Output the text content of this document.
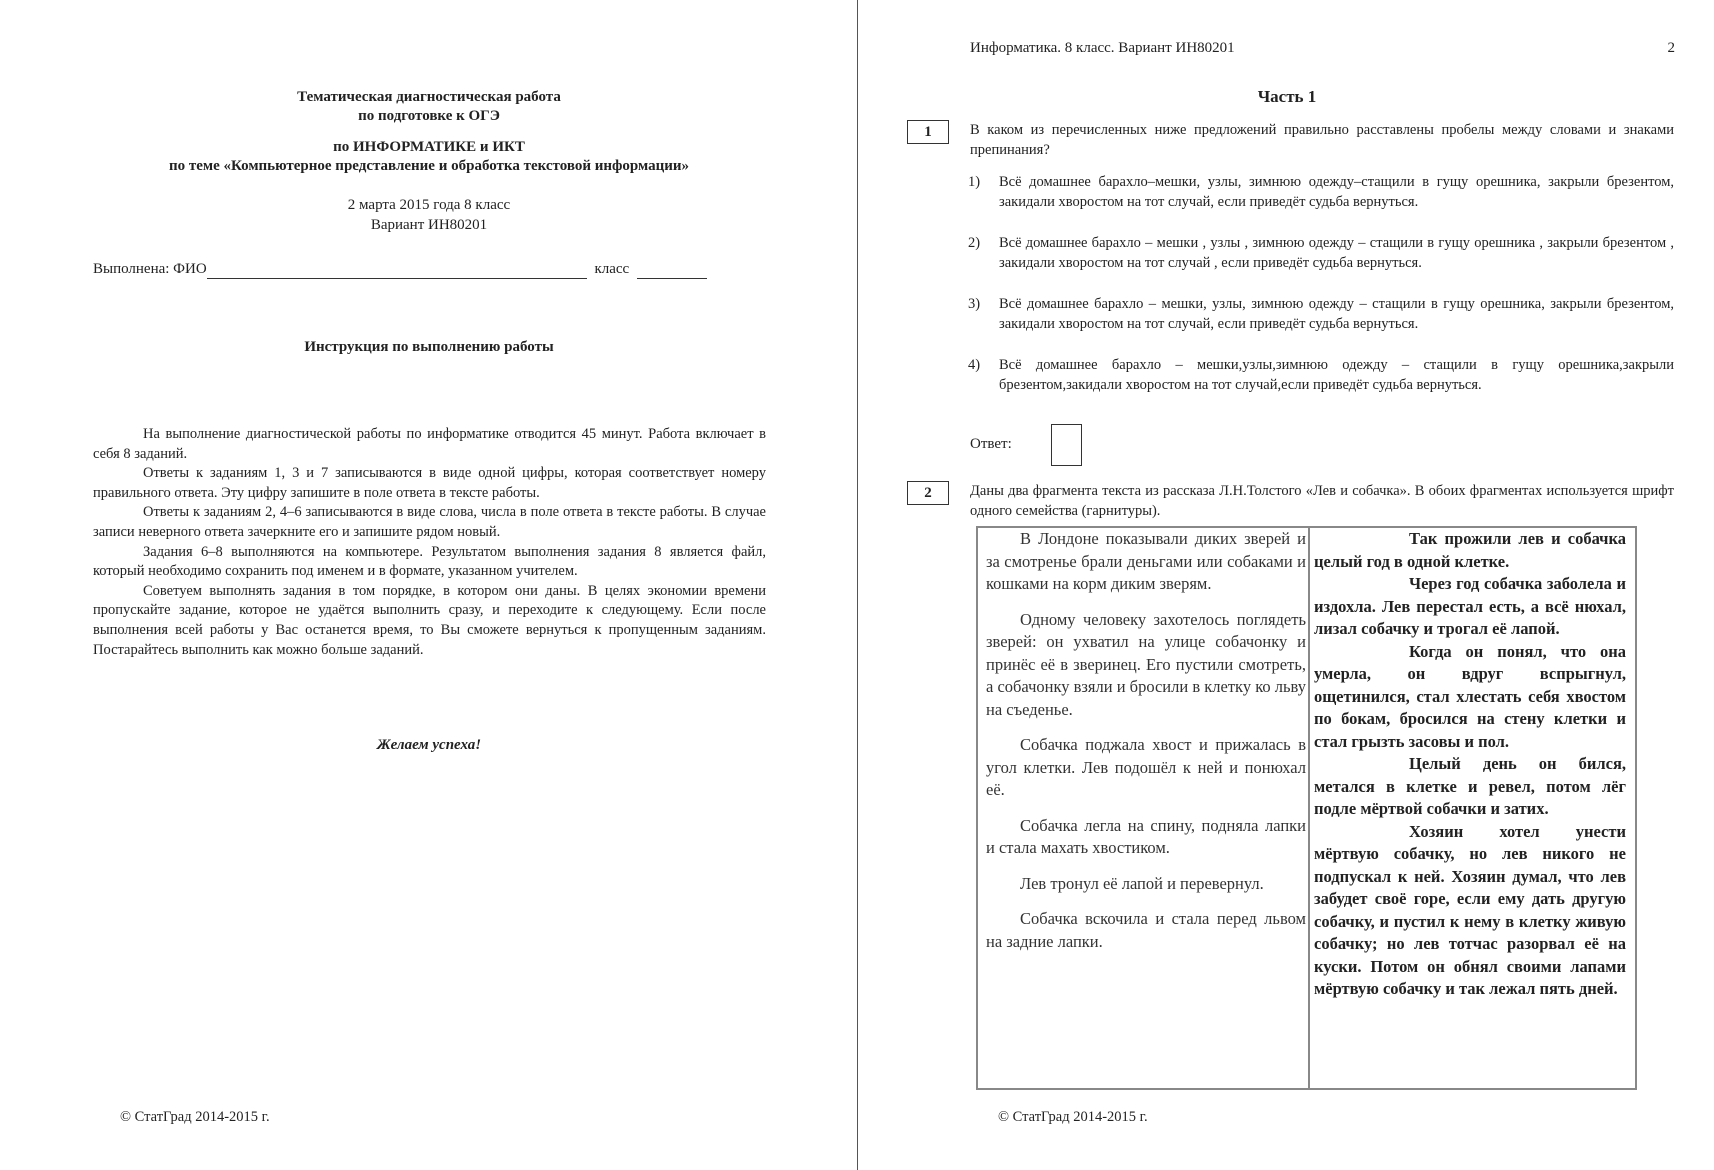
Тематическая диагностическая работа
по подготовке к ОГЭ
по ИНФОРМАТИКЕ и ИКТ
по теме «Компьютерное представление и обработка текстовой информации»
2 марта 2015 года 8 класс
Вариант ИН80201
Выполнена: ФИО	класс
Инструкция по выполнению работы

На выполнение диагностической работы по информатике отводится 45 минут. Работа включает в себя 8 заданий.

Ответы к заданиям 1, 3 и 7 записываются в виде одной цифры, которая соответствует номеру правильного ответа. Эту цифру запишите в поле ответа в тексте работы.

Ответы к заданиям 2, 4–6 записываются в виде слова, числа в поле ответа в тексте работы. В случае записи неверного ответа зачеркните его и запишите рядом новый.

Задания 6–8 выполняются на компьютере. Результатом выполнения задания 8 является файл, который необходимо сохранить под именем и в формате, указанном учителем.

Советуем выполнять задания в том порядке, в котором они даны. В целях экономии времени пропускайте задание, которое не удаётся выполнить сразу, и переходите к следующему. Если после выполнения всей работы у Вас останется время, то Вы сможете вернуться к пропущенным заданиям. Постарайтесь выполнить как можно больше заданий.

Желаем успеха!
© СтатГрад 2014-2015 г.
Информатика. 8 класс. Вариант ИН80201	2
Часть 1
1	В каком из перечисленных ниже предложений правильно расставлены пробелы между словами и знаками препинания?
1) Всё домашнее барахло–мешки, узлы, зимнюю одежду–стащили в гущу орешника, закрыли брезентом, закидали хворостом на тот случай, если приведёт судьба вернуться.
2) Всё домашнее барахло – мешки , узлы , зимнюю одежду – стащили в гущу орешника , закрыли брезентом , закидали хворостом на тот случай , если приведёт судьба вернуться.
3) Всё домашнее барахло – мешки, узлы, зимнюю одежду – стащили в гущу орешника, закрыли брезентом, закидали хворостом на тот случай, если приведёт судьба вернуться.
4) Всё домашнее барахло – мешки,узлы,зимнюю одежду – стащили в гущу орешника,закрыли брезентом,закидали хворостом на тот случай,если приведёт судьба вернуться.
Ответ:
2	Даны два фрагмента текста из рассказа Л.Н.Толстого «Лев и собачка». В обоих фрагментах используется шрифт одного семейства (гарнитуры).

В Лондоне показывали диких зверей и за смотренье брали деньгами или собаками и кошками на корм диким зверям.

Одному человеку захотелось поглядеть зверей: он ухватил на улице собачонку и принёс её в зверинец. Его пустили смотреть, а собачонку взяли и бросили в клетку ко льву на съеденье.

Собачка поджала хвост и прижалась в угол клетки. Лев подошёл к ней и понюхал её.

Собачка легла на спину, подняла лапки и стала махать хвостиком.

Лев тронул её лапой и перевернул.

Собачка вскочила и стала перед львом на задние лапки.

Так прожили лев и собачка целый год в одной клетке.

Через год собачка заболела и издохла. Лев перестал есть, а всё нюхал, лизал собачку и трогал её лапой.

Когда он понял, что она умерла, он вдруг вспрыгнул, ощетинился, стал хлестать себя хвостом по бокам, бросился на стену клетки и стал грызть засовы и пол.

Целый день он бился, метался в клетке и ревел, потом лёг подле мёртвой собачки и затих.

Хозяин хотел унести мёртвую собачку, но лев никого не подпускал к ней. Хозяин думал, что лев забудет своё горе, если ему дать другую собачку, и пустил к нему в клетку живую собачку; но лев тотчас разорвал её на куски. Потом он обнял своими лапами мёртвую собачку и так лежал пять дней.

© СтатГрад 2014-2015 г.
